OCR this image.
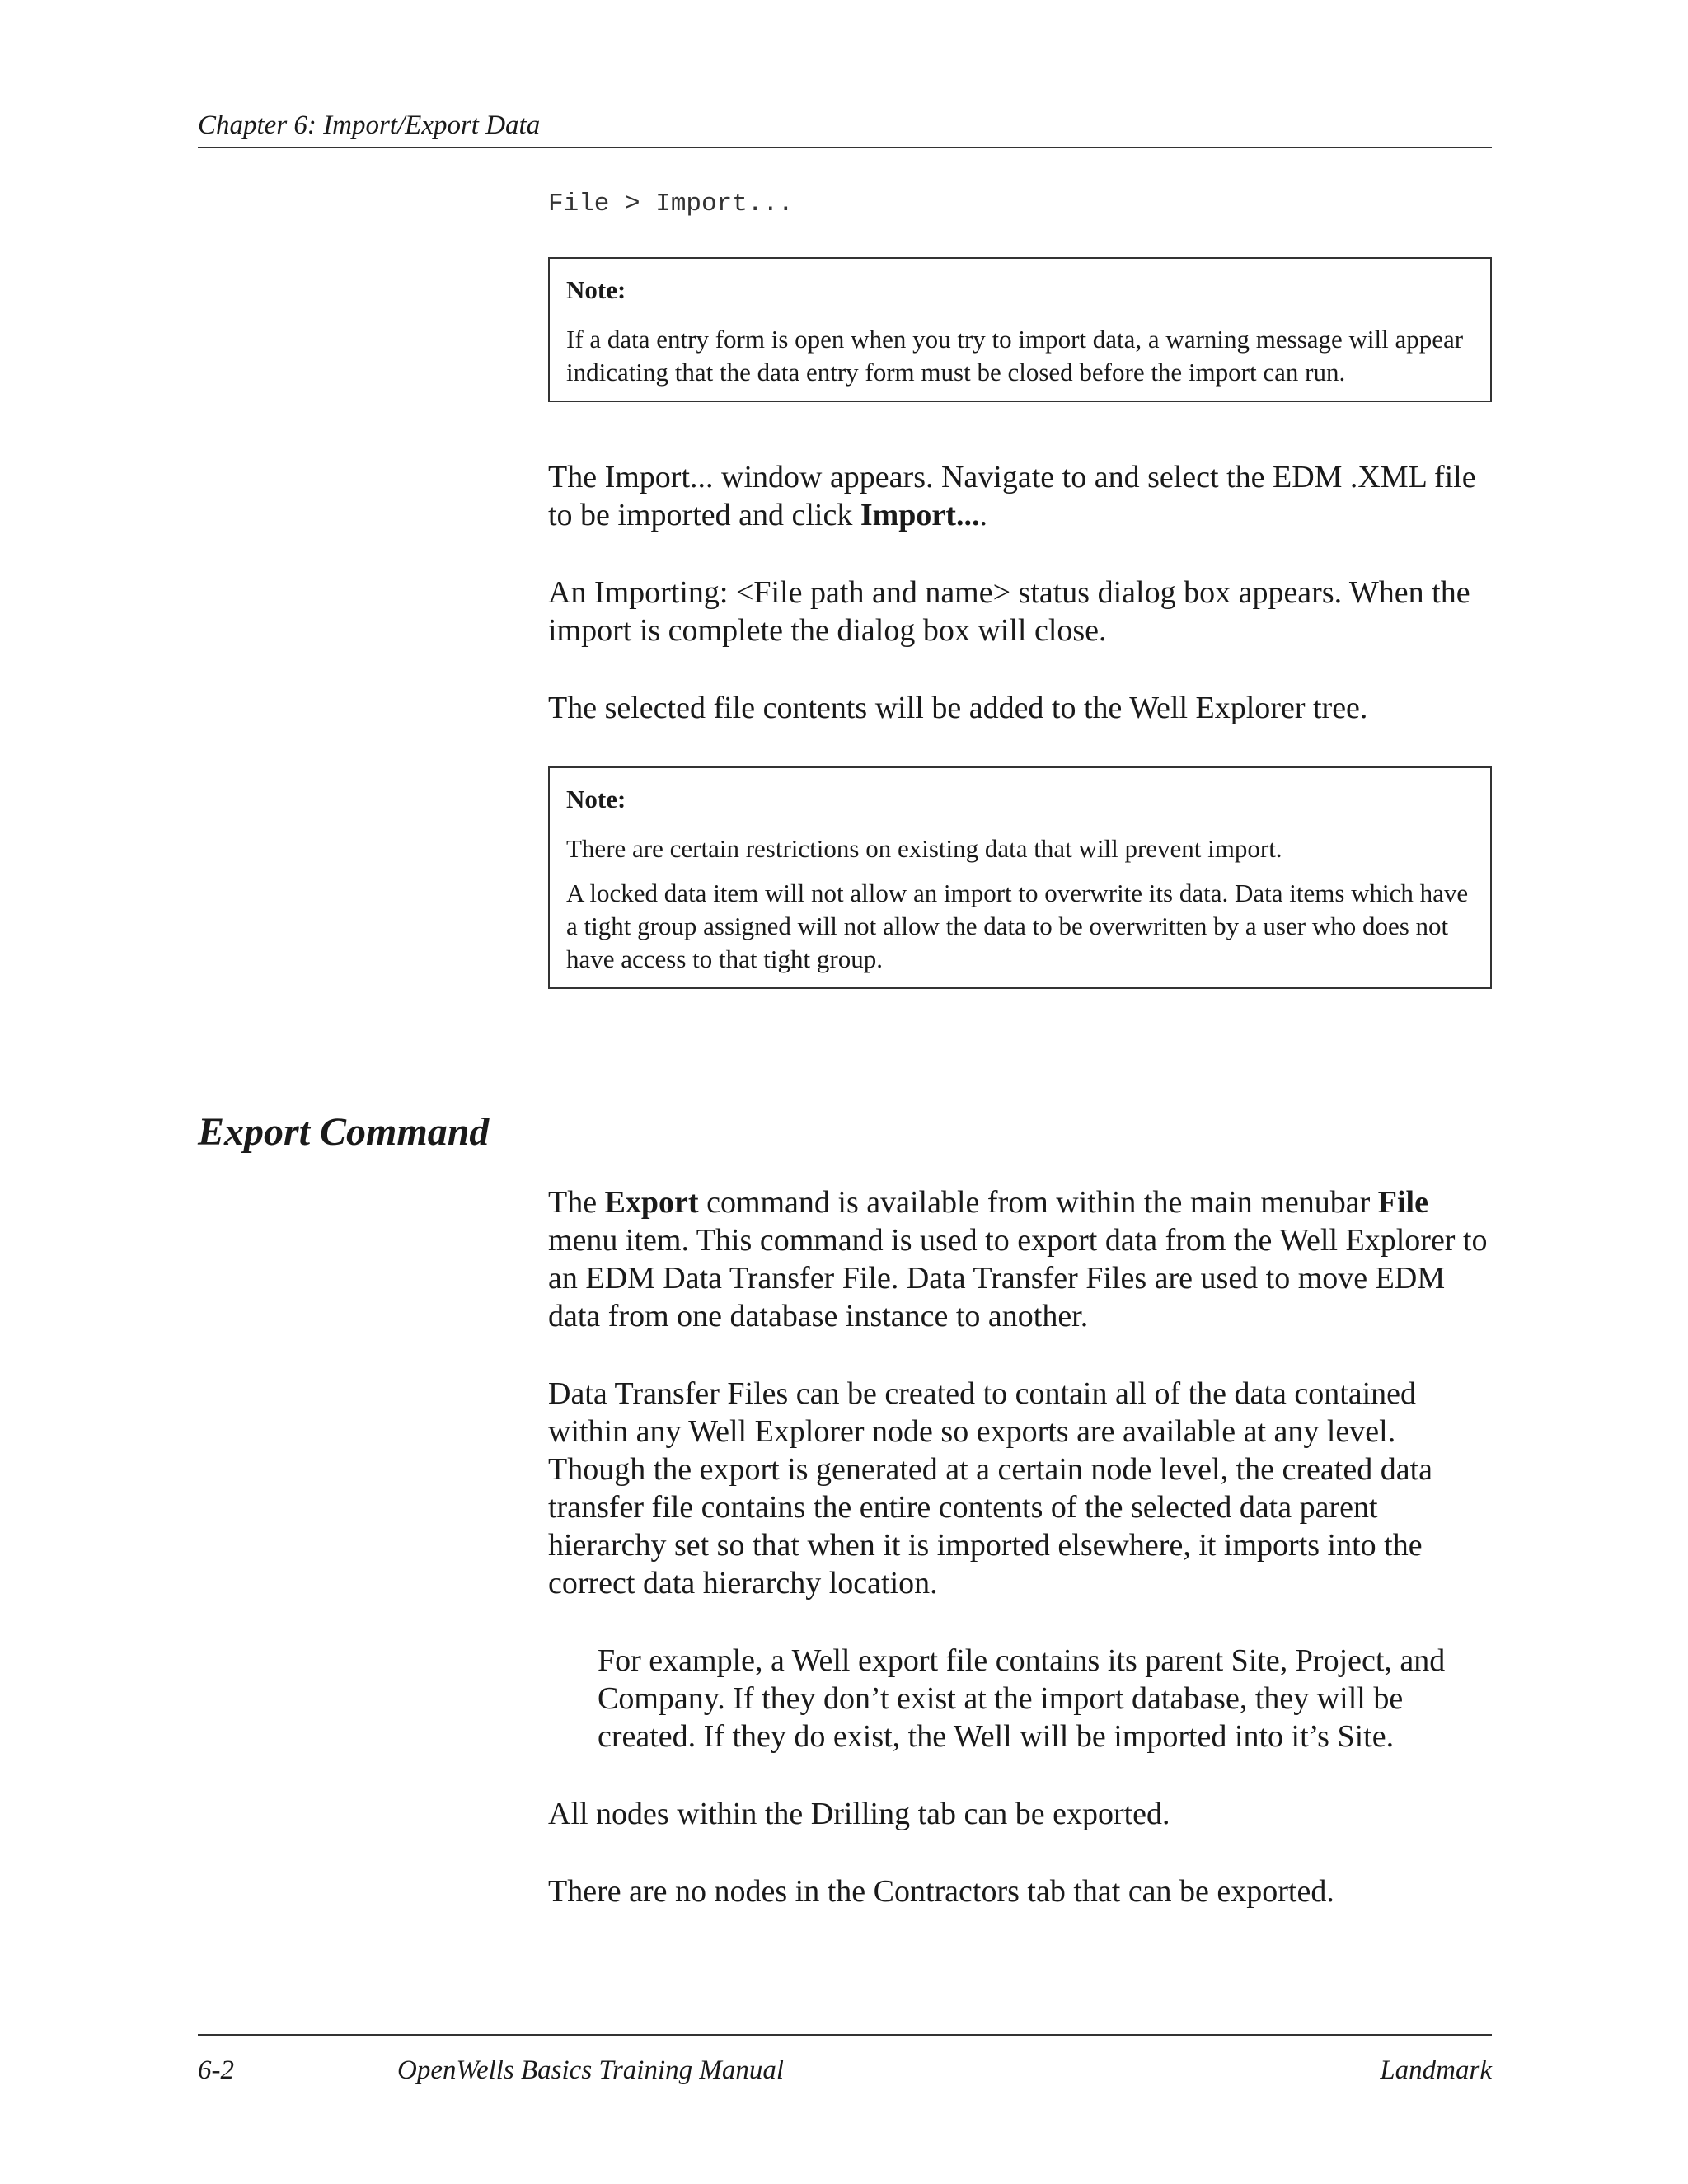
Chapter 6: Import/Export Data
File > Import...
Note:

If a data entry form is open when you try to import data, a warning message will appear indicating that the data entry form must be closed before the import can run.

The Import... window appears. Navigate to and select the EDM .XML file to be imported and click Import....

An Importing: <File path and name> status dialog box appears. When the import is complete the dialog box will close.

The selected file contents will be added to the Well Explorer tree.

Note:

There are certain restrictions on existing data that will prevent import.

A locked data item will not allow an import to overwrite its data. Data items which have a tight group assigned will not allow the data to be overwritten by a user who does not have access to that tight group.

Export Command

The Export command is available from within the main menubar File menu item. This command is used to export data from the Well Explorer to an EDM Data Transfer File. Data Transfer Files are used to move EDM data from one database instance to another.

Data Transfer Files can be created to contain all of the data contained within any Well Explorer node so exports are available at any level. Though the export is generated at a certain node level, the created data transfer file contains the entire contents of the selected data parent hierarchy set so that when it is imported elsewhere, it imports into the correct data hierarchy location.

For example, a Well export file contains its parent Site, Project, and Company. If they don’t exist at the import database, they will be created. If they do exist, the Well will be imported into it’s Site.

All nodes within the Drilling tab can be exported.

There are no nodes in the Contractors tab that can be exported.

6-2	OpenWells Basics Training Manual	Landmark
